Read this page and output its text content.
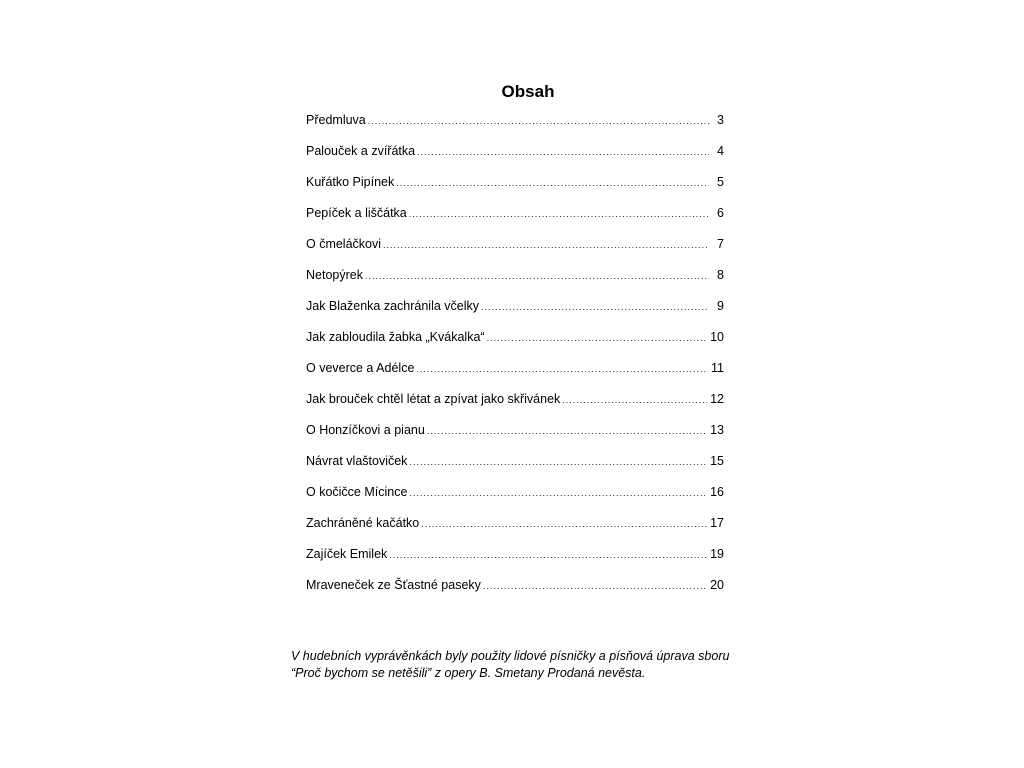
Obsah
Předmluva .....	3
Palouček a zvířátka .....	4
Kuřátko Pipínek .....	5
Pepíček a liščátka .....	6
O čmeláčkovi .....	7
Netopýrek .....	8
Jak Blaženka zachránila včelky .....	9
Jak zabloudila žabka „Kvákalka“ .....	10
O veverce a Adélce .....	11
Jak brouček chtěl létat a zpívat jako skřivánek .....	12
O Honzíčkovi a pianu .....	13
Návrat vlaštoviček .....	15
O kočičce Mícince .....	16
Zachráněné kačátko .....	17
Zajíček Emilek .....	19
Mraveneček ze Šťastné paseky .....	20

V hudebních vyprávěnkách byly použity lidové písničky a písňová úprava sboru
“Proč bychom se netěšili” z opery B. Smetany Prodaná nevěsta.
